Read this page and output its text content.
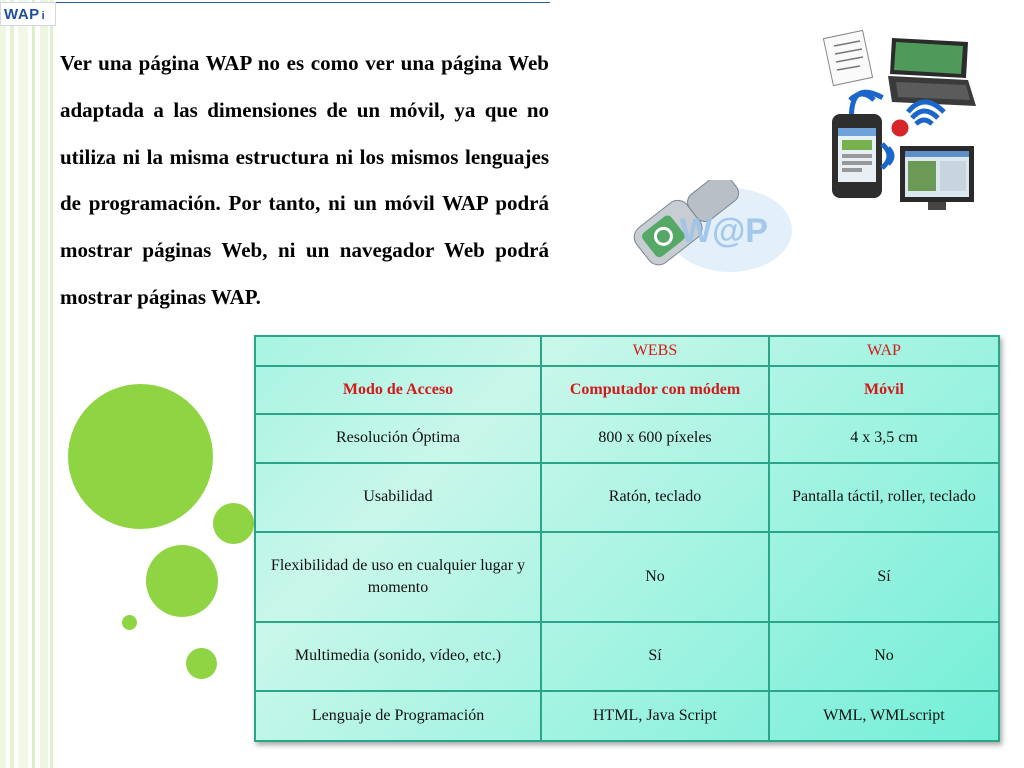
WAP i

Ver una página WAP no es como ver una página Web adaptada a las dimensiones de un móvil, ya que no utiliza ni la misma estructura ni los mismos lenguajes de programación. Por tanto, ni un móvil WAP podrá mostrar páginas Web, ni un navegador Web podrá mostrar páginas WAP.

W@P
	WEBS	WAP
Modo de Acceso	Computador con módem	Móvil
Resolución Óptima	800 x 600 píxeles	4 x 3,5 cm
Usabilidad	Ratón, teclado	Pantalla táctil, roller, teclado
Flexibilidad de uso en cualquier lugar y momento	No	Sí
Multimedia (sonido, vídeo, etc.)	Sí	No
Lenguaje de Programación	HTML, Java Script	WML, WMLscript
